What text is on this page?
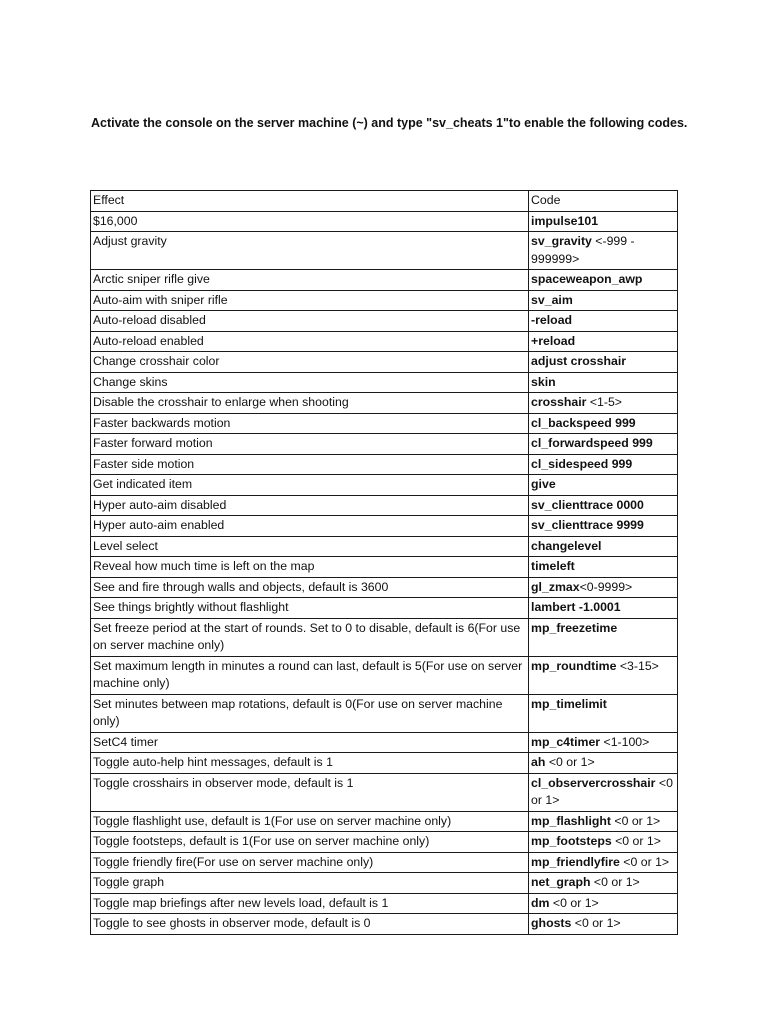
Activate the console on the server machine (~) and type "sv_cheats 1"to enable the following codes.

Effect	Code
$16,000	impulse101
Adjust gravity	sv_gravity <-999 - 999999>
Arctic sniper rifle give	spaceweapon_awp
Auto-aim with sniper rifle	sv_aim
Auto-reload disabled	-reload
Auto-reload enabled	+reload
Change crosshair color	adjust crosshair
Change skins	skin
Disable the crosshair to enlarge when shooting	crosshair <1-5>
Faster backwards motion	cl_backspeed 999
Faster forward motion	cl_forwardspeed 999
Faster side motion	cl_sidespeed 999
Get indicated item	give
Hyper auto-aim disabled	sv_clienttrace 0000
Hyper auto-aim enabled	sv_clienttrace 9999
Level select	changelevel
Reveal how much time is left on the map	timeleft
See and fire through walls and objects, default is 3600	gl_zmax<0-9999>
See things brightly without flashlight	lambert -1.0001
Set freeze period at the start of rounds. Set to 0 to disable, default is 6(For use on server machine only)	mp_freezetime
Set maximum length in minutes a round can last, default is 5(For use on server machine only)	mp_roundtime <3-15>
Set minutes between map rotations, default is 0(For use on server machine only)	mp_timelimit
SetC4 timer	mp_c4timer <1-100>
Toggle auto-help hint messages, default is 1	ah <0 or 1>
Toggle crosshairs in observer mode, default is 1	cl_observercrosshair <0 or 1>
Toggle flashlight use, default is 1(For use on server machine only)	mp_flashlight <0 or 1>
Toggle footsteps, default is 1(For use on server machine only)	mp_footsteps <0 or 1>
Toggle friendly fire(For use on server machine only)	mp_friendlyfire <0 or 1>
Toggle graph	net_graph <0 or 1>
Toggle map briefings after new levels load, default is 1	dm <0 or 1>
Toggle to see ghosts in observer mode, default is 0	ghosts <0 or 1>
